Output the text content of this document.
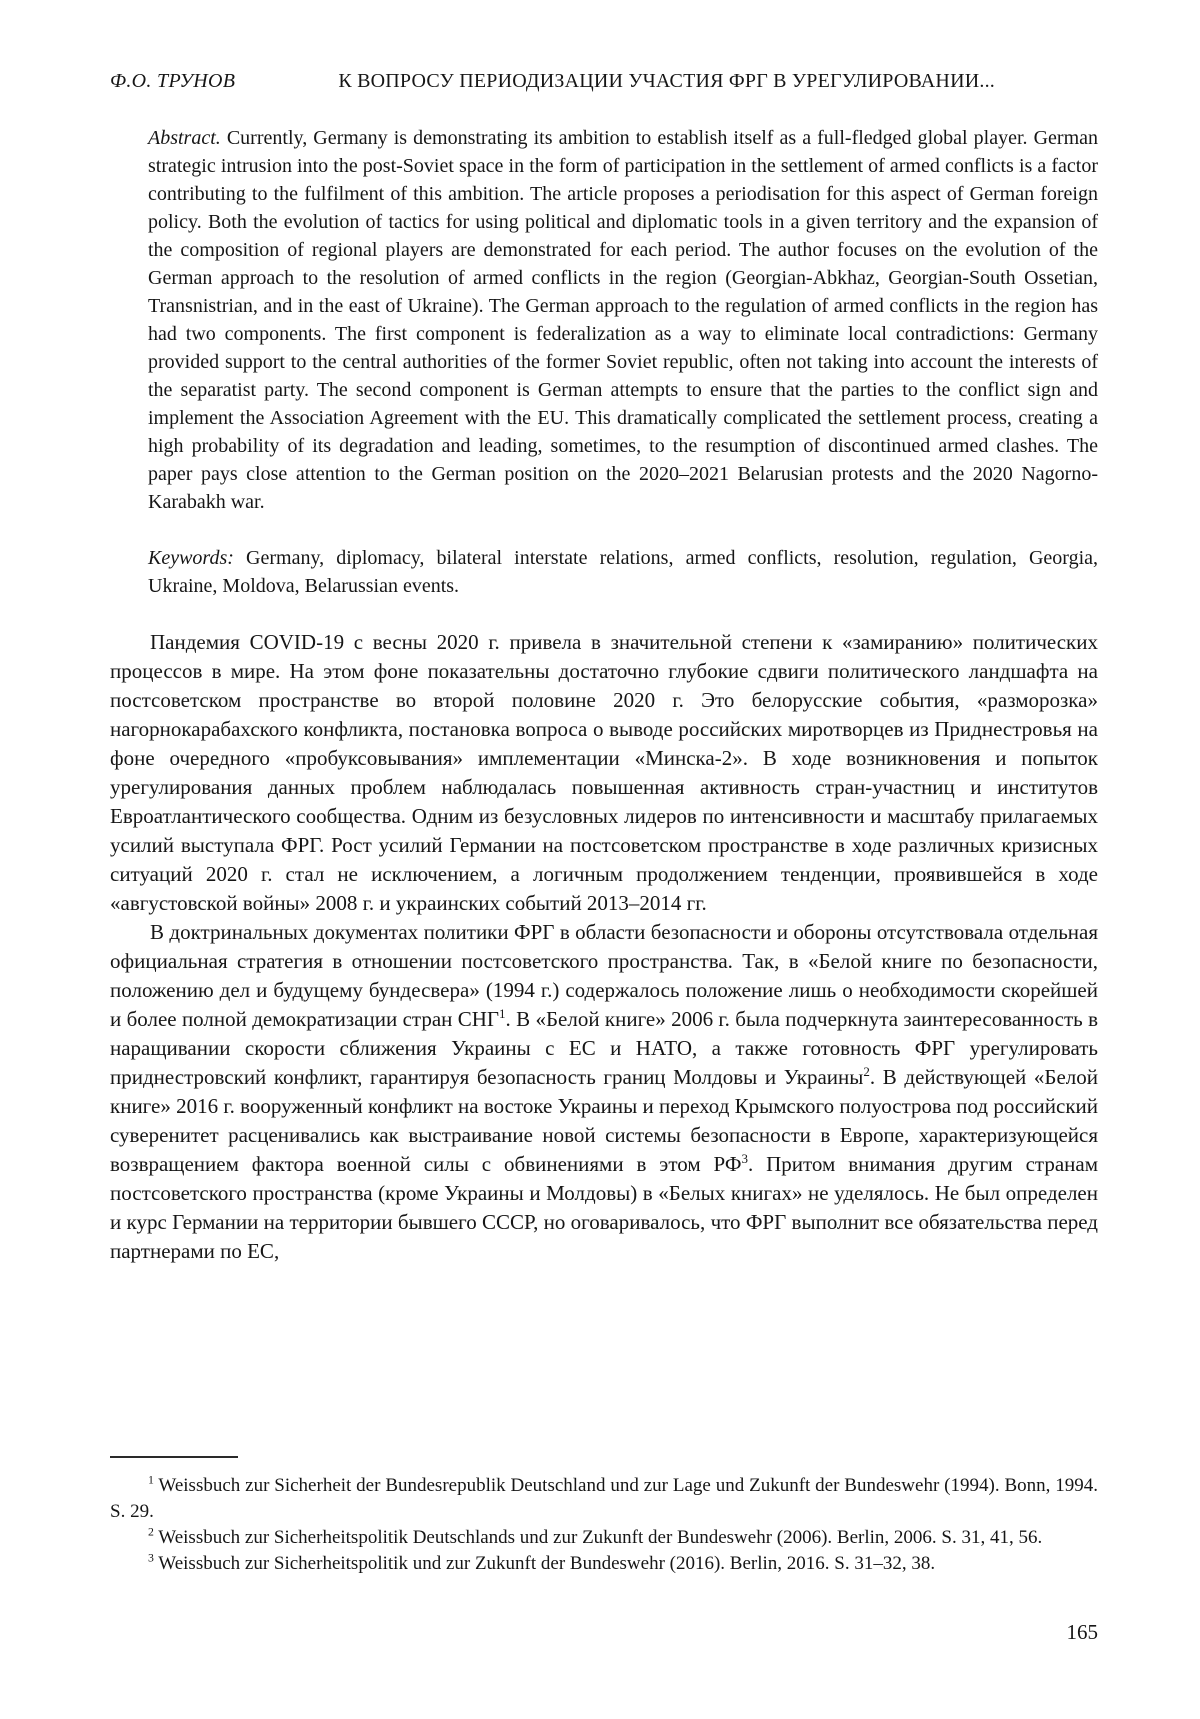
Ф.О. ТРУНОВ	К ВОПРОСУ ПЕРИОДИЗАЦИИ УЧАСТИЯ ФРГ В УРЕГУЛИРОВАНИИ...
Abstract. Currently, Germany is demonstrating its ambition to establish itself as a full-fledged global player. German strategic intrusion into the post-Soviet space in the form of participation in the settlement of armed conflicts is a factor contributing to the fulfilment of this ambition. The article proposes a periodisation for this aspect of German foreign policy. Both the evolution of tactics for using political and diplomatic tools in a given territory and the expansion of the composition of regional players are demonstrated for each period. The author focuses on the evolution of the German approach to the resolution of armed conflicts in the region (Georgian-Abkhaz, Georgian-South Ossetian, Transnistrian, and in the east of Ukraine). The German approach to the regulation of armed conflicts in the region has had two components. The first component is federalization as a way to eliminate local contradictions: Germany provided support to the central authorities of the former Soviet republic, often not taking into account the interests of the separatist party. The second component is German attempts to ensure that the parties to the conflict sign and implement the Association Agreement with the EU. This dramatically complicated the settlement process, creating a high probability of its degradation and leading, sometimes, to the resumption of discontinued armed clashes. The paper pays close attention to the German position on the 2020–2021 Belarusian protests and the 2020 Nagorno-Karabakh war.
Keywords: Germany, diplomacy, bilateral interstate relations, armed conflicts, resolution, regulation, Georgia, Ukraine, Moldova, Belarussian events.

Пандемия COVID-19 с весны 2020 г. привела в значительной степени к «замиранию» политических процессов в мире. На этом фоне показательны достаточно глубокие сдвиги политического ландшафта на постсоветском пространстве во второй половине 2020 г. Это белорусские события, «разморозка» нагорнокарабахского конфликта, постановка вопроса о выводе российских миротворцев из Приднестровья на фоне очередного «пробуксовывания» имплементации «Минска-2». В ходе возникновения и попыток урегулирования данных проблем наблюдалась повышенная активность стран-участниц и институтов Евроатлантического сообщества. Одним из безусловных лидеров по интенсивности и масштабу прилагаемых усилий выступала ФРГ. Рост усилий Германии на постсоветском пространстве в ходе различных кризисных ситуаций 2020 г. стал не исключением, а логичным продолжением тенденции, проявившейся в ходе «августовской войны» 2008 г. и украинских событий 2013–2014 гг.

В доктринальных документах политики ФРГ в области безопасности и обороны отсутствовала отдельная официальная стратегия в отношении постсоветского пространства. Так, в «Белой книге по безопасности, положению дел и будущему бундесвера» (1994 г.) содержалось положение лишь о необходимости скорейшей и более полной демократизации стран СНГ$^1$. В «Белой книге» 2006 г. была подчеркнута заинтересованность в наращивании скорости сближения Украины с ЕС и НАТО, а также готовность ФРГ урегулировать приднестровский конфликт, гарантируя безопасность границ Молдовы и Украины$^2$. В действующей «Белой книге» 2016 г. вооруженный конфликт на востоке Украины и переход Крымского полуострова под российский суверенитет расценивались как выстраивание новой системы безопасности в Европе, характеризующейся возвращением фактора военной силы с обвинениями в этом $РФ^3$. Притом внимания другим странам постсоветского пространства (кроме Украины и Молдовы) в «Белых книгах» не уделялось. Не был определен и курс Германии на территории бывшего СССР, но оговаривалось, что ФРГ выполнит все обязательства перед партнерами по ЕС,

$^1$ Weissbuch zur Sicherheit der Bundesrepublik Deutschland und zur Lage und Zukunft der Bundeswehr (1994). Bonn, 1994. S. 29.

$^2$ Weissbuch zur Sicherheitspolitik Deutschlands und zur Zukunft der Bundeswehr (2006). Berlin, 2006. S. 31, 41, 56.

$^3$ Weissbuch zur Sicherheitspolitik und zur Zukunft der Bundeswehr (2016). Berlin, 2016. S. 31–32, 38.

165
